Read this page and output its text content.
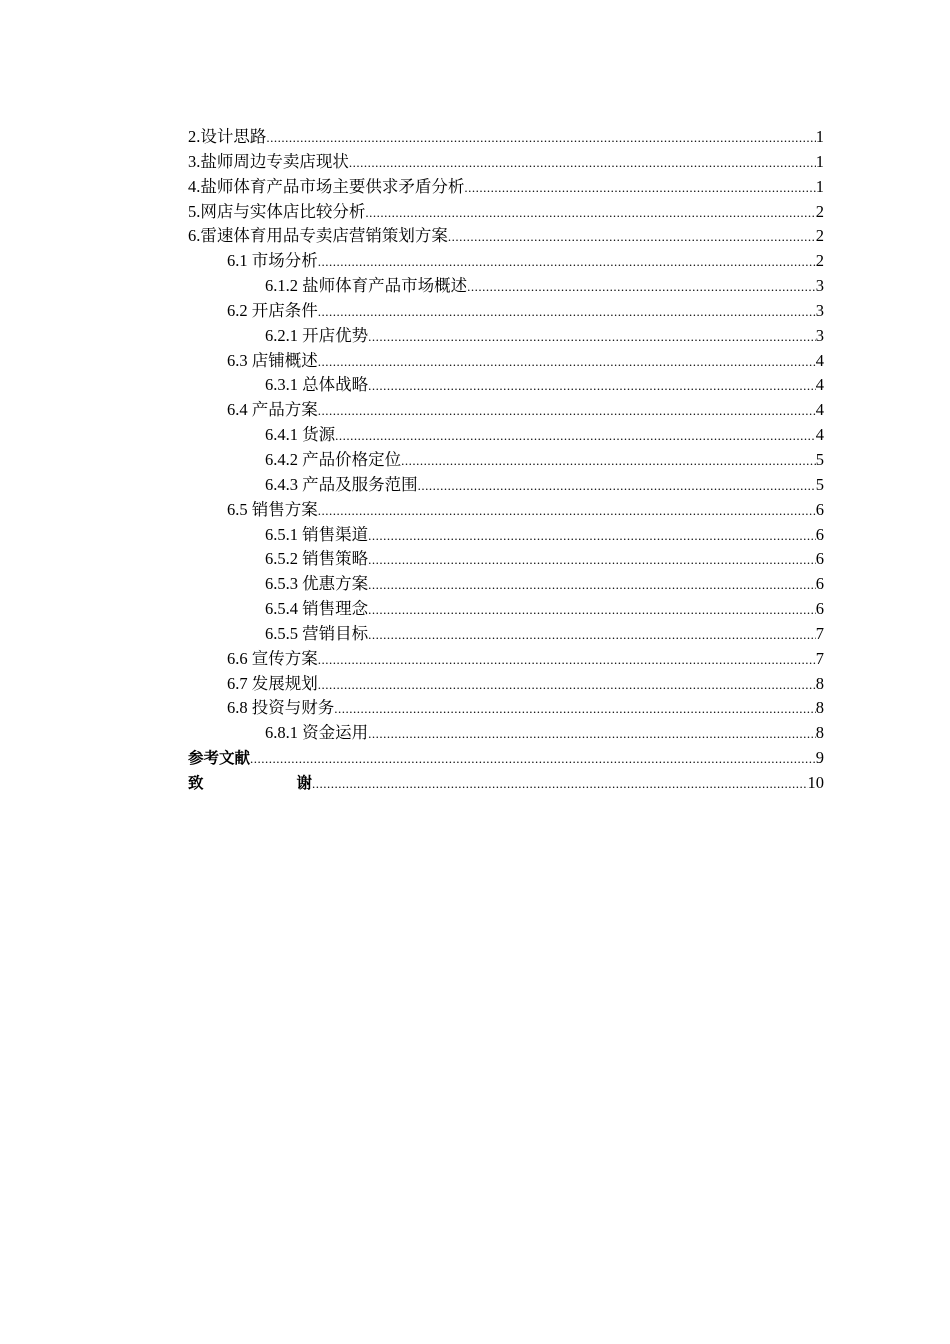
2.设计思路 .....	1
3.盐师周边专卖店现状 .....	1
4.盐师体育产品市场主要供求矛盾分析 .....	1
5.网店与实体店比较分析 .....	2
6.雷速体育用品专卖店营销策划方案 .....	2
6.1 市场分析 .....	2
6.1.2 盐师体育产品市场概述 .....	3
6.2 开店条件 .....	3
6.2.1 开店优势 .....	3
6.3 店铺概述 .....	4
6.3.1 总体战略 .....	4
6.4 产品方案 .....	4
6.4.1 货源 .....	4
6.4.2 产品价格定位 .....	5
6.4.3 产品及服务范围 .....	5
6.5 销售方案 .....	6
6.5.1 销售渠道 .....	6
6.5.2 销售策略 .....	6
6.5.3 优惠方案 .....	6
6.5.4 销售理念 .....	6
6.5.5 营销目标 .....	7
6.6 宣传方案 .....	7
6.7 发展规划 .....	8
6.8 投资与财务 .....	8
6.8.1 资金运用 .....	8
参考文献 .....	9
致	谢 .....	10
